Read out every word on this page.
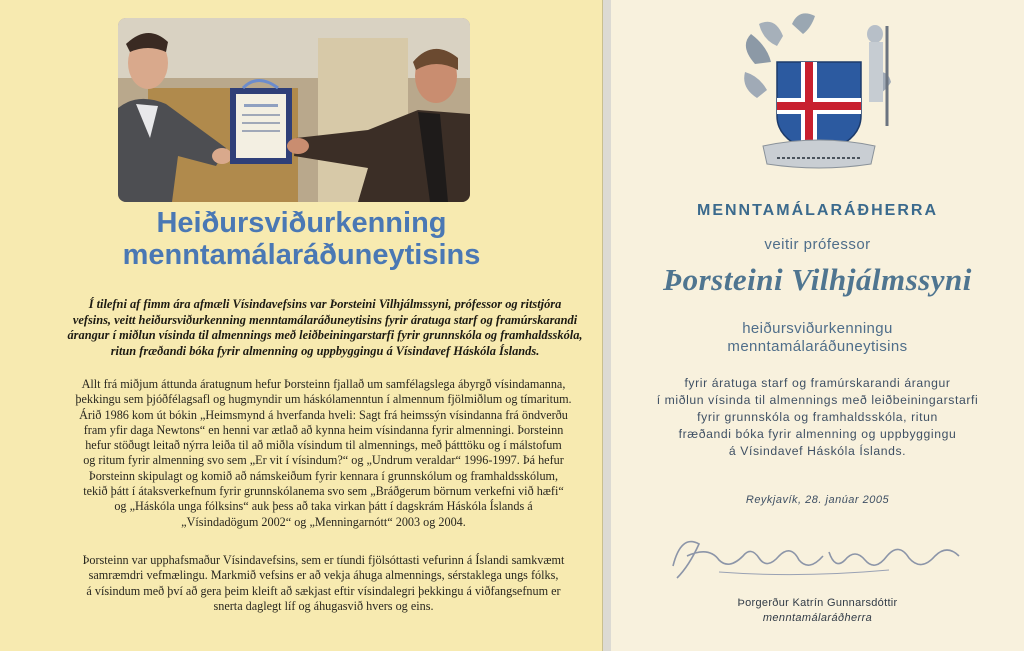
Heiðursviðurkenning
menntamálaráðuneytisins
Í tilefni af fimm ára afmæli Vísindavefsins var Þorsteini Vilhjálmssyni, prófessor og ritstjóra
vefsins, veitt heiðursviðurkenning menntamálaráðuneytisins fyrir áratuga starf og framúrskarandi
árangur í miðlun vísinda til almennings með leiðbeiningarstarfi fyrir grunnskóla og framhaldsskóla,
ritun fræðandi bóka fyrir almenning og uppbyggingu á Vísindavef Háskóla Íslands.
Allt frá miðjum áttunda áratugnum hefur Þorsteinn fjallað um samfélagslega ábyrgð vísindamanna,
þekkingu sem þjóðfélagsafl og hugmyndir um háskólamenntun í almennum fjölmiðlum og tímaritum.
Árið 1986 kom út bókin „Heimsmynd á hverfanda hveli: Sagt frá heimssýn vísindanna frá öndverðu
fram yfir daga Newtons“ en henni var ætlað að kynna heim vísindanna fyrir almenningi. Þorsteinn
hefur stöðugt leitað nýrra leiða til að miðla vísindum til almennings, með þátttöku og í málstofum
og ritum fyrir almenning svo sem „Er vit í vísindum?“ og „Undrum veraldar“ 1996-1997. Þá hefur
Þorsteinn skipulagt og komið að námskeiðum fyrir kennara í grunnskólum og framhaldsskólum,
tekið þátt í átaksverkefnum fyrir grunnskólanema svo sem „Bráðgerum börnum verkefni við hæfi“
og „Háskóla unga fólksins“ auk þess að taka virkan þátt í dagskrám Háskóla Íslands á
„Vísindadögum 2002“ og „Menningarnótt“ 2003 og 2004.
Þorsteinn var upphafsmaður Vísindavefsins, sem er tíundi fjölsóttasti vefurinn á Íslandi samkvæmt
samræmdri vefmælingu. Markmið vefsins er að vekja áhuga almennings, sérstaklega ungs fólks,
á vísindum með því að gera þeim kleift að sækjast eftir vísindalegri þekkingu á viðfangsefnum er
snerta daglegt líf og áhugasvið hvers og eins.
MENNTAMÁLARÁÐHERRA
veitir prófessor
Þorsteini Vilhjálmssyni
heiðursviðurkenningu
menntamálaráðuneytisins
fyrir áratuga starf og framúrskarandi árangur
í miðlun vísinda til almennings með leiðbeiningarstarfi
fyrir grunnskóla og framhaldsskóla, ritun
fræðandi bóka fyrir almenning og uppbyggingu
á Vísindavef Háskóla Íslands.
Reykjavík, 28. janúar 2005
Þorgerður Katrín Gunnarsdóttir
menntamálaráðherra
